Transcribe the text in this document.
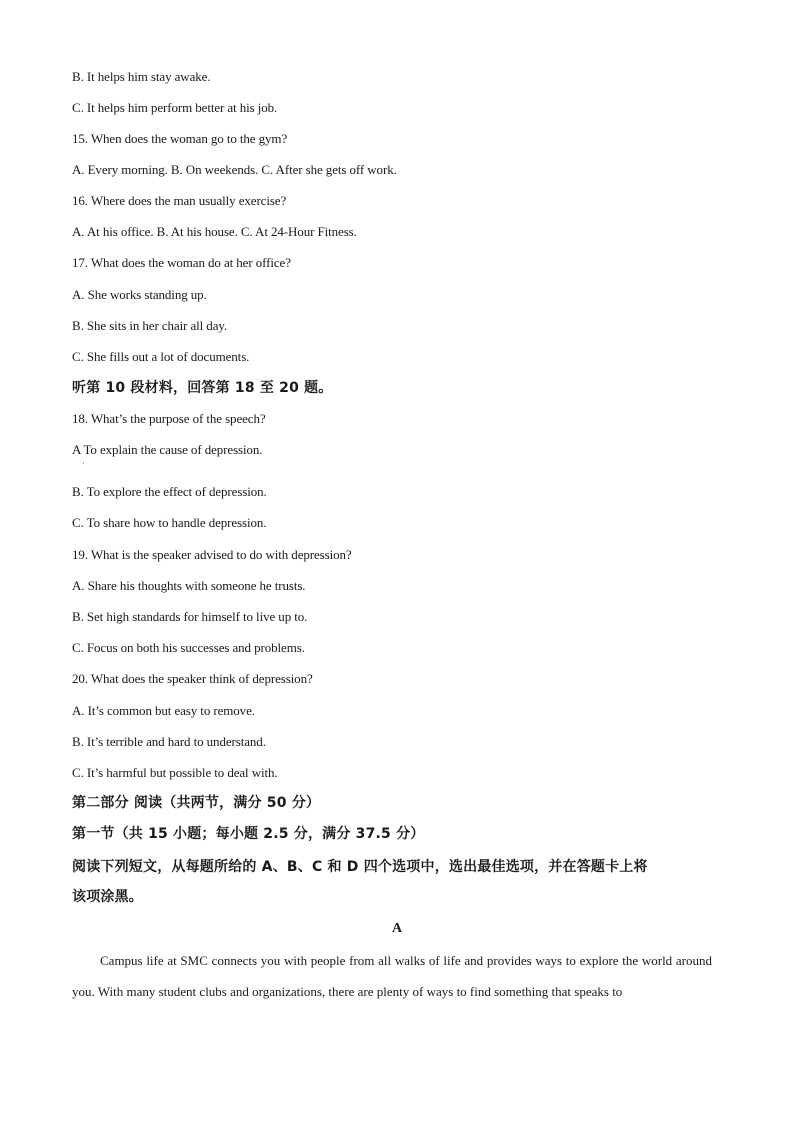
B. It helps him stay awake.
C. It helps him perform better at his job.
15. When does the woman go to the gym?
A. Every morning. B. On weekends. C. After she gets off work.
16. Where does the man usually exercise?
A. At his office. B. At his house. C. At 24-Hour Fitness.
17. What does the woman do at her office?
A. She works standing up.
B. She sits in her chair all day.
C. She fills out a lot of documents.
听第 10 段材料，回答第 18 至 20 题。
18. What’s the purpose of the speech?
A To explain the cause of depression.
·
B. To explore the effect of depression.
C. To share how to handle depression.
19. What is the speaker advised to do with depression?
A. Share his thoughts with someone he trusts.
B. Set high standards for himself to live up to.
C. Focus on both his successes and problems.
20. What does the speaker think of depression?
A. It’s common but easy to remove.
B. It’s terrible and hard to understand.
C. It’s harmful but possible to deal with.
第二部分 阅读（共两节，满分 50 分）
第一节（共 15 小题；每小题 2.5 分，满分 37.5 分）
阅读下列短文，从每题所给的 A、B、C 和 D 四个选项中，选出最佳选项，并在答题卡上将
该项涂黑。
A
Campus life at SMC connects you with people from all walks of life and provides ways to explore the world around you. With many student clubs and organizations, there are plenty of ways to find something that speaks to
